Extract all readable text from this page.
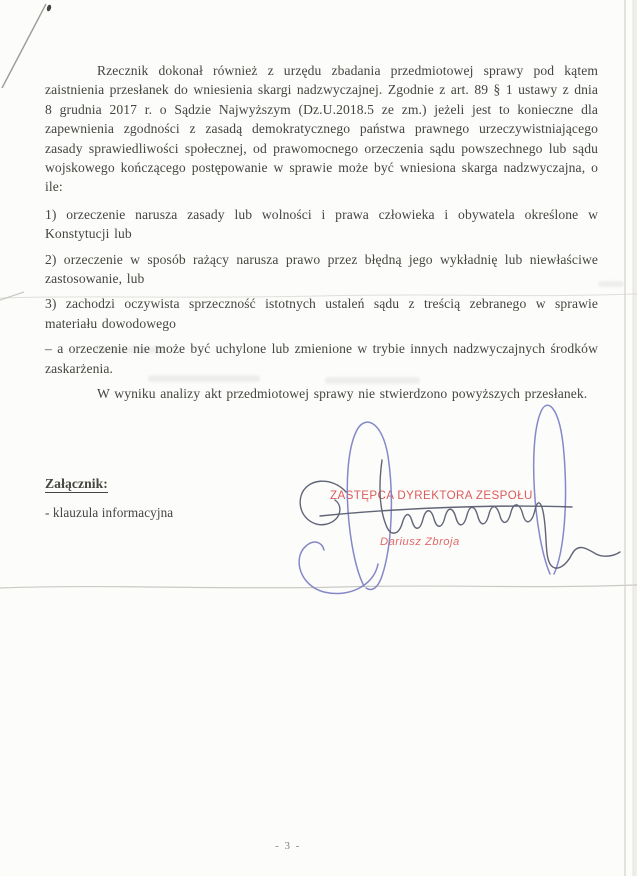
Rzecznik dokonał również z urzędu zbadania przedmiotowej sprawy pod kątem zaistnienia przesłanek do wniesienia skargi nadzwyczajnej. Zgodnie z art. 89 § 1 ustawy z dnia 8 grudnia 2017 r. o Sądzie Najwyższym (Dz.U.2018.5 ze zm.) jeżeli jest to konieczne dla zapewnienia zgodności z zasadą demokratycznego państwa prawnego urzeczywistniającego zasady sprawiedliwości społecznej, od prawomocnego orzeczenia sądu powszechnego lub sądu wojskowego kończącego postępowanie w sprawie może być wniesiona skarga nadzwyczajna, o ile:

1) orzeczenie narusza zasady lub wolności i prawa człowieka i obywatela określone w Konstytucji lub

2) orzeczenie w sposób rażący narusza prawo przez błędną jego wykładnię lub niewłaściwe zastosowanie, lub

3) zachodzi oczywista sprzeczność istotnych ustaleń sądu z treścią zebranego w sprawie materiału dowodowego

– a orzeczenie nie może być uchylone lub zmienione w trybie innych nadzwyczajnych środków zaskarżenia.

W wyniku analizy akt przedmiotowej sprawy nie stwierdzono powyższych przesłanek.

Załącznik:
- klauzula informacyjna
ZASTĘPCA DYREKTORA ZESPOŁU
Dariusz Zbroja
- 3 -
